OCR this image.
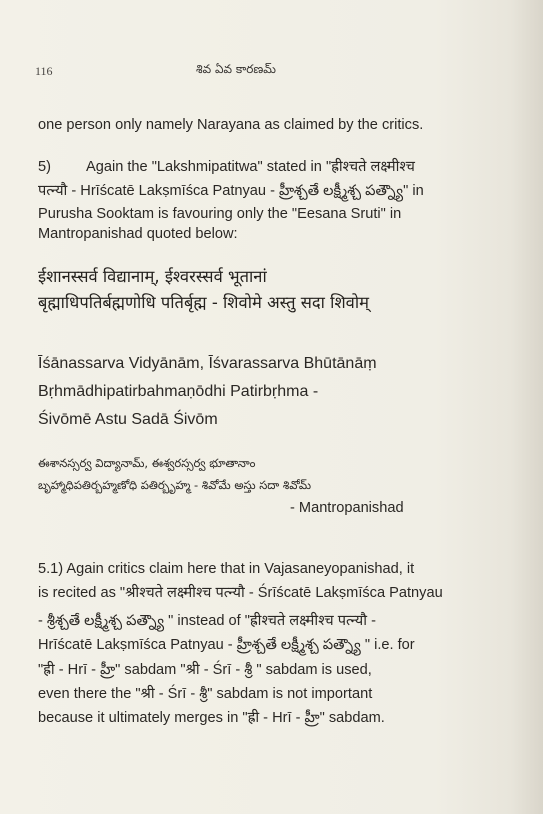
116	శివ ఏవ కారణమ్
one person only namely Narayana as claimed by the critics.
5) Again the "Lakshmipatitwa" stated in "ह्रीश्चते लक्ष्मीश्च
पत्न्यौ - Hrīścatē Lakṣmīśca Patnyau - హ్రీశ్చతే లక్ష్మీశ్చ పత్న్యౌ" in
Purusha Sooktam is favouring only the "Eesana Sruti" in
Mantropanishad quoted below:
ईशानस्सर्व विद्यानाम्, ईश्वरस्सर्व भूतानां
बृह्माधिपतिर्बह्मणोधि पतिर्बृह्म - शिवोमे अस्तु सदा शिवोम्
Īśānassarva Vidyānām, Īśvarassarva Bhūtānāṃ
Bṛhmādhipatirbahmaṇōdhi Patirbṛhma -
Śivōmē Astu Sadā Śivōm
ఈశానస్సర్వ విద్యానామ్, ఈశ్వరస్సర్వ భూతానాం
బృహ్మాధిపతిర్బహ్మణోధి పతిర్బృహ్మ - శివోమే అస్తు సదా శివోమ్
- Mantropanishad
5.1) Again critics claim here that in Vajasaneyopanishad, it
is recited as "श्रीश्चते लक्ष्मीश्च पत्न्यौ - Śrīścatē Lakṣmīśca Patnyau
- శ్రీశ్చతే లక్ష్మీశ్చ పత్న్యౌ " instead of "ह्रीश्चते लक्ष्मीश्च पत्न्यौ -
Hrīścatē Lakṣmīśca Patnyau - హ్రీశ్చతే లక్ష్మీశ్చ పత్న్యౌ " i.e. for
"ह्री - Hrī - హ్రీ" sabdam "श्री - Śrī - శ్రీ " sabdam is used,
even there the "श्री - Śrī - శ్రీ" sabdam is not important
because it ultimately merges in "ह्री - Hrī - హ్రీ" sabdam.
